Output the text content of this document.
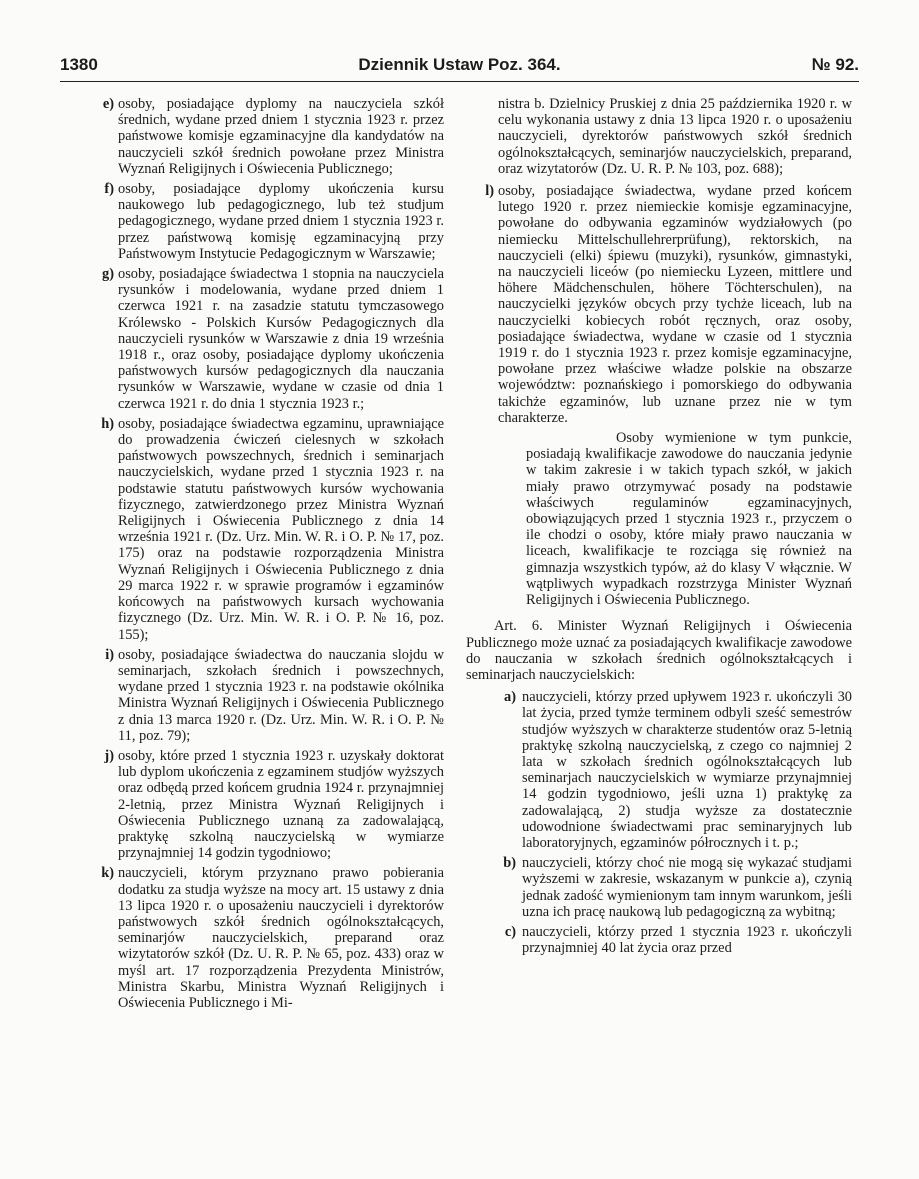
1380	Dziennik Ustaw Poz. 364.	№ 92.
e) osoby, posiadające dyplomy na nauczyciela szkół średnich, wydane przed dniem 1 stycznia 1923 r. przez państwowe komisje egzaminacyjne dla kandydatów na nauczycieli szkół średnich powołane przez Ministra Wyznań Religijnych i Oświecenia Publicznego;
f) osoby, posiadające dyplomy ukończenia kursu naukowego lub pedagogicznego, lub też studjum pedagogicznego, wydane przed dniem 1 stycznia 1923 r. przez państwową komisję egzaminacyjną przy Państwowym Instytucie Pedagogicznym w Warszawie;
g) osoby, posiadające świadectwa 1 stopnia na nauczyciela rysunków i modelowania, wydane przed dniem 1 czerwca 1921 r. na zasadzie statutu tymczasowego Królewsko - Polskich Kursów Pedagogicznych dla nauczycieli rysunków w Warszawie z dnia 19 września 1918 r., oraz osoby, posiadające dyplomy ukończenia państwowych kursów pedagogicznych dla nauczania rysunków w Warszawie, wydane w czasie od dnia 1 czerwca 1921 r. do dnia 1 stycznia 1923 r.;
h) osoby, posiadające świadectwa egzaminu, uprawniające do prowadzenia ćwiczeń cielesnych w szkołach państwowych powszechnych, średnich i seminarjach nauczycielskich, wydane przed 1 stycznia 1923 r. na podstawie statutu państwowych kursów wychowania fizycznego, zatwierdzonego przez Ministra Wyznań Religijnych i Oświecenia Publicznego z dnia 14 września 1921 r. (Dz. Urz. Min. W. R. i O. P. № 17, poz. 175) oraz na podstawie rozporządzenia Ministra Wyznań Religijnych i Oświecenia Publicznego z dnia 29 marca 1922 r. w sprawie programów i egzaminów końcowych na państwowych kursach wychowania fizycznego (Dz. Urz. Min. W. R. i O. P. № 16, poz. 155);
i) osoby, posiadające świadectwa do nauczania slojdu w seminarjach, szkołach średnich i powszechnych, wydane przed 1 stycznia 1923 r. na podstawie okólnika Ministra Wyznań Religijnych i Oświecenia Publicznego z dnia 13 marca 1920 r. (Dz. Urz. Min. W. R. i O. P. № 11, poz. 79);
j) osoby, które przed 1 stycznia 1923 r. uzyskały doktorat lub dyplom ukończenia z egzaminem studjów wyższych oraz odbędą przed końcem grudnia 1924 r. przynajmniej 2-letnią, przez Ministra Wyznań Religijnych i Oświecenia Publicznego uznaną za zadowalającą, praktykę szkolną nauczycielską w wymiarze przynajmniej 14 godzin tygodniowo;
k) nauczycieli, którym przyznano prawo pobierania dodatku za studja wyższe na mocy art. 15 ustawy z dnia 13 lipca 1920 r. o uposażeniu nauczycieli i dyrektorów państwowych szkół średnich ogólnokształcących, seminarjów nauczycielskich, preparand oraz wizytatorów szkół (Dz. U. R. P. № 65, poz. 433) oraz w myśl art. 17 rozporządzenia Prezydenta Ministrów, Ministra Skarbu, Ministra Wyznań Religijnych i Oświecenia Publicznego i Mi-
nistra b. Dzielnicy Pruskiej z dnia 25 października 1920 r. w celu wykonania ustawy z dnia 13 lipca 1920 r. o uposażeniu nauczycieli, dyrektorów państwowych szkół średnich ogólnokształcących, seminarjów nauczycielskich, preparand, oraz wizytatorów (Dz. U. R. P. № 103, poz. 688);
l) osoby, posiadające świadectwa, wydane przed końcem lutego 1920 r. przez niemieckie komisje egzaminacyjne, powołane do odbywania egzaminów wydziałowych (po niemiecku Mittelschullehrerprüfung), rektorskich, na nauczycieli (elki) śpiewu (muzyki), rysunków, gimnastyki, na nauczycieli liceów (po niemiecku Lyzeen, mittlere und höhere Mädchenschulen, höhere Töchterschulen), na nauczycielki języków obcych przy tychże liceach, lub na nauczycielki kobiecych robót ręcznych, oraz osoby, posiadające świadectwa, wydane w czasie od 1 stycznia 1919 r. do 1 stycznia 1923 r. przez komisje egzaminacyjne, powołane przez właściwe władze polskie na obszarze województw: poznańskiego i pomorskiego do odbywania takichże egzaminów, lub uznane przez nie w tym charakterze.
Osoby wymienione w tym punkcie, posiadają kwalifikacje zawodowe do nauczania jedynie w takim zakresie i w takich typach szkół, w jakich miały prawo otrzymywać posady na podstawie właściwych regulaminów egzaminacyjnych, obowiązujących przed 1 stycznia 1923 r., przyczem o ile chodzi o osoby, które miały prawo nauczania w liceach, kwalifikacje te rozciąga się również na gimnazja wszystkich typów, aż do klasy V włącznie. W wątpliwych wypadkach rozstrzyga Minister Wyznań Religijnych i Oświecenia Publicznego.
Art. 6. Minister Wyznań Religijnych i Oświecenia Publicznego może uznać za posiadających kwalifikacje zawodowe do nauczania w szkołach średnich ogólnokształcących i seminarjach nauczycielskich:
a) nauczycieli, którzy przed upływem 1923 r. ukończyli 30 lat życia, przed tymże terminem odbyli sześć semestrów studjów wyższych w charakterze studentów oraz 5-letnią praktykę szkolną nauczycielską, z czego co najmniej 2 lata w szkołach średnich ogólnokształcących lub seminarjach nauczycielskich w wymiarze przynajmniej 14 godzin tygodniowo, jeśli uzna 1) praktykę za zadowalającą, 2) studja wyższe za dostatecznie udowodnione świadectwami prac seminaryjnych lub laboratoryjnych, egzaminów półrocznych i t. p.;
b) nauczycieli, którzy choć nie mogą się wykazać studjami wyższemi w zakresie, wskazanym w punkcie a), czynią jednak zadość wymienionym tam innym warunkom, jeśli uzna ich pracę naukową lub pedagogiczną za wybitną;
c) nauczycieli, którzy przed 1 stycznia 1923 r. ukończyli przynajmniej 40 lat życia oraz przed
